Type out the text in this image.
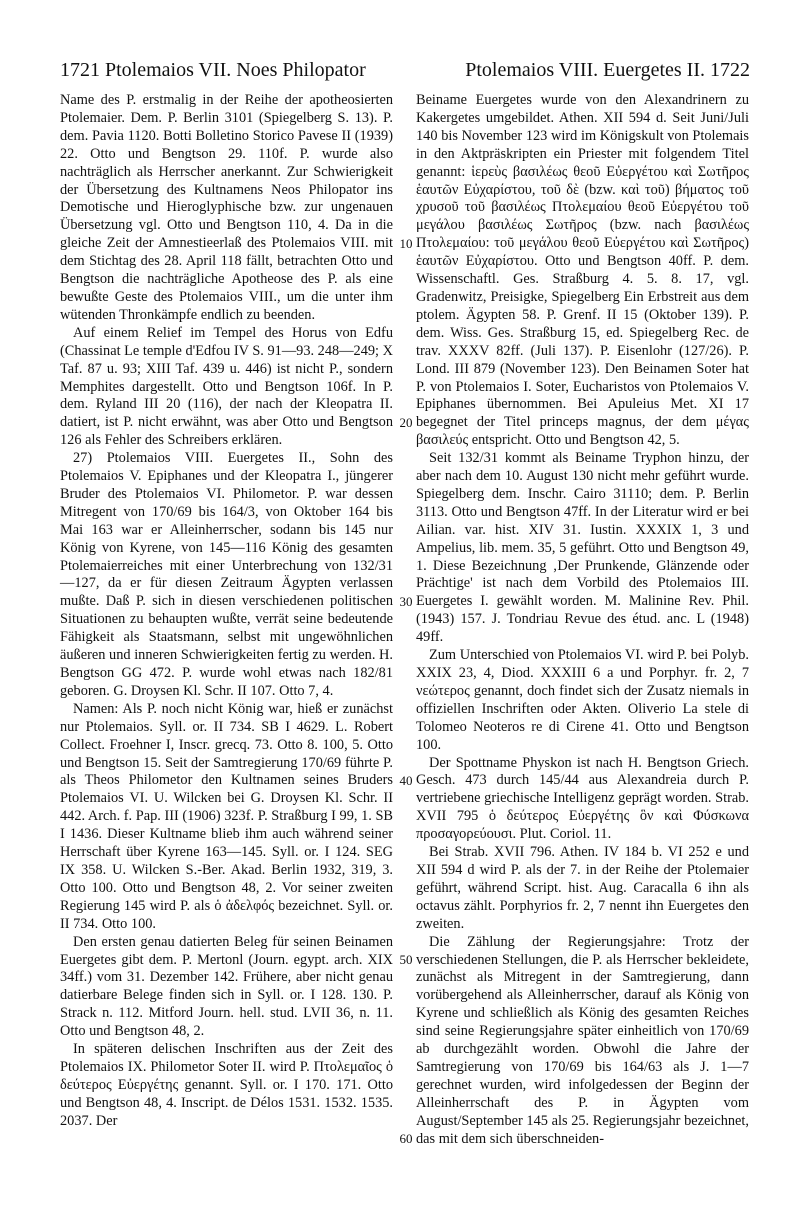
1721 Ptolemaios VII. Noes Philopator	Ptolemaios VIII. Euergetes II. 1722

Name des P. erstmalig in der Reihe der apotheosierten Ptolemaier. Dem. P. Berlin 3101 (Spiegelberg S. 13). P. dem. Pavia 1120. Botti Bolletino Storico Pavese II (1939) 22. Otto und Bengtson 29. 110f. P. wurde also nachträglich als Herrscher anerkannt. Zur Schwierigkeit der Übersetzung des Kultnamens Neos Philopator ins Demotische und Hieroglyphische bzw. zur ungenauen Übersetzung vgl. Otto und Bengtson 110, 4. Da in die gleiche Zeit der Amnestieerlaß des Ptolemaios VIII. mit dem Stichtag des 28. April 118 fällt, betrachten Otto und Bengtson die nachträgliche Apotheose des P. als eine bewußte Geste des Ptolemaios VIII., um die unter ihm wütenden Thronkämpfe endlich zu beenden.

Auf einem Relief im Tempel des Horus von Edfu (Chassinat Le temple d'Edfou IV S. 91—93. 248—249; X Taf. 87 u. 93; XIII Taf. 439 u. 446) ist nicht P., sondern Memphites dargestellt. Otto und Bengtson 106f. In P. dem. Ryland III 20 (116), der nach der Kleopatra II. datiert, ist P. nicht erwähnt, was aber Otto und Bengtson 126 als Fehler des Schreibers erklären.

27) Ptolemaios VIII. Euergetes II., Sohn des Ptolemaios V. Epiphanes und der Kleopatra I., jüngerer Bruder des Ptolemaios VI. Philometor. P. war dessen Mitregent von 170/69 bis 164/3, von Oktober 164 bis Mai 163 war er Alleinherrscher, sodann bis 145 nur König von Kyrene, von 145—116 König des gesamten Ptolemaierreiches mit einer Unterbrechung von 132/31 —127, da er für diesen Zeitraum Ägypten verlassen mußte. Daß P. sich in diesen verschiedenen politischen Situationen zu behaupten wußte, verrät seine bedeutende Fähigkeit als Staatsmann, selbst mit ungewöhnlichen äußeren und inneren Schwierigkeiten fertig zu werden. H. Bengtson GG 472. P. wurde wohl etwas nach 182/81 geboren. G. Droysen Kl. Schr. II 107. Otto 7, 4.

Namen: Als P. noch nicht König war, hieß er zunächst nur Ptolemaios. Syll. or. II 734. SB I 4629. L. Robert Collect. Froehner I, Inscr. grecq. 73. Otto 8. 100, 5. Otto und Bengtson 15. Seit der Samtregierung 170/69 führte P. als Theos Philometor den Kultnamen seines Bruders Ptolemaios VI. U. Wilcken bei G. Droysen Kl. Schr. II 442. Arch. f. Pap. III (1906) 323f. P. Straßburg I 99, 1. SB I 1436. Dieser Kultname blieb ihm auch während seiner Herrschaft über Kyrene 163—145. Syll. or. I 124. SEG IX 358. U. Wilcken S.-Ber. Akad. Berlin 1932, 319, 3. Otto 100. Otto und Bengtson 48, 2. Vor seiner zweiten Regierung 145 wird P. als ὁ ἀδελφός bezeichnet. Syll. or. II 734. Otto 100.

Den ersten genau datierten Beleg für seinen Beinamen Euergetes gibt dem. P. Mertonl (Journ. egypt. arch. XIX 34ff.) vom 31. Dezember 142. Frühere, aber nicht genau datierbare Belege finden sich in Syll. or. I 128. 130. P. Strack n. 112. Mitford Journ. hell. stud. LVII 36, n. 11. Otto und Bengtson 48, 2.

In späteren delischen Inschriften aus der Zeit des Ptolemaios IX. Philometor Soter II. wird P. Πτολεμαῖος ὁ δεύτερος Εὐεργέτης genannt. Syll. or. I 170. 171. Otto und Bengtson 48, 4. Inscript. de Délos 1531. 1532. 1535. 2037. Der

10
20
30
40
50
60

Beiname Euergetes wurde von den Alexandrinern zu Kakergetes umgebildet. Athen. XII 594 d. Seit Juni/Juli 140 bis November 123 wird im Königskult von Ptolemais in den Aktpräskripten ein Priester mit folgendem Titel genannt: ἱερεὺς βασιλέως θεοῦ Εὐεργέτου καὶ Σωτῆρος ἑαυτῶν Εὐχαρίστου, τοῦ δὲ (bzw. καὶ τοῦ) βήματος τοῦ χρυσοῦ τοῦ βασιλέως Πτολεμαίου θεοῦ Εὐεργέτου τοῦ μεγάλου βασιλέως Σωτῆρος (bzw. nach βασιλέως Πτολεμαίου: τοῦ μεγάλου θεοῦ Εὐεργέτου καὶ Σωτῆρος) ἑαυτῶν Εὐχαρίστου. Otto und Bengtson 40ff. P. dem. Wissenschaftl. Ges. Straßburg 4. 5. 8. 17, vgl. Gradenwitz, Preisigke, Spiegelberg Ein Erbstreit aus dem ptolem. Ägypten 58. P. Grenf. II 15 (Oktober 139). P. dem. Wiss. Ges. Straßburg 15, ed. Spiegelberg Rec. de trav. XXXV 82ff. (Juli 137). P. Eisenlohr (127/26). P. Lond. III 879 (November 123). Den Beinamen Soter hat P. von Ptolemaios I. Soter, Eucharistos von Ptolemaios V. Epiphanes übernommen. Bei Apuleius Met. XI 17 begegnet der Titel princeps magnus, der dem μέγας βασιλεύς entspricht. Otto und Bengtson 42, 5.

Seit 132/31 kommt als Beiname Tryphon hinzu, der aber nach dem 10. August 130 nicht mehr geführt wurde. Spiegelberg dem. Inschr. Cairo 31110; dem. P. Berlin 3113. Otto und Bengtson 47ff. In der Literatur wird er bei Ailian. var. hist. XIV 31. Iustin. XXXIX 1, 3 und Ampelius, lib. mem. 35, 5 geführt. Otto und Bengtson 49, 1. Diese Bezeichnung ‚Der Prunkende, Glänzende oder Prächtige' ist nach dem Vorbild des Ptolemaios III. Euergetes I. gewählt worden. M. Malinine Rev. Phil. (1943) 157. J. Tondriau Revue des étud. anc. L (1948) 49ff.

Zum Unterschied von Ptolemaios VI. wird P. bei Polyb. XXIX 23, 4, Diod. XXXIII 6 a und Porphyr. fr. 2, 7 νεώτερος genannt, doch findet sich der Zusatz niemals in offiziellen Inschriften oder Akten. Oliverio La stele di Tolomeo Neoteros re di Cirene 41. Otto und Bengtson 100.

Der Spottname Physkon ist nach H. Bengtson Griech. Gesch. 473 durch 145/44 aus Alexandreia durch P. vertriebene griechische Intelligenz geprägt worden. Strab. XVII 795 ὁ δεύτερος Εὐεργέτης ὃν καὶ Φύσκωνα προσαγορεύουσι. Plut. Coriol. 11.

Bei Strab. XVII 796. Athen. IV 184 b. VI 252 e und XII 594 d wird P. als der 7. in der Reihe der Ptolemaier geführt, während Script. hist. Aug. Caracalla 6 ihn als octavus zählt. Porphyrios fr. 2, 7 nennt ihn Euergetes den zweiten.

Die Zählung der Regierungsjahre: Trotz der verschiedenen Stellungen, die P. als Herrscher bekleidete, zunächst als Mitregent in der Samtregierung, dann vorübergehend als Alleinherrscher, darauf als König von Kyrene und schließlich als König des gesamten Reiches sind seine Regierungsjahre später einheitlich von 170/69 ab durchgezählt worden. Obwohl die Jahre der Samtregierung von 170/69 bis 164/63 als J. 1—7 gerechnet wurden, wird infolgedessen der Beginn der Alleinherrschaft des P. in Ägypten vom August/September 145 als 25. Regierungsjahr bezeichnet, das mit dem sich überschneiden-
